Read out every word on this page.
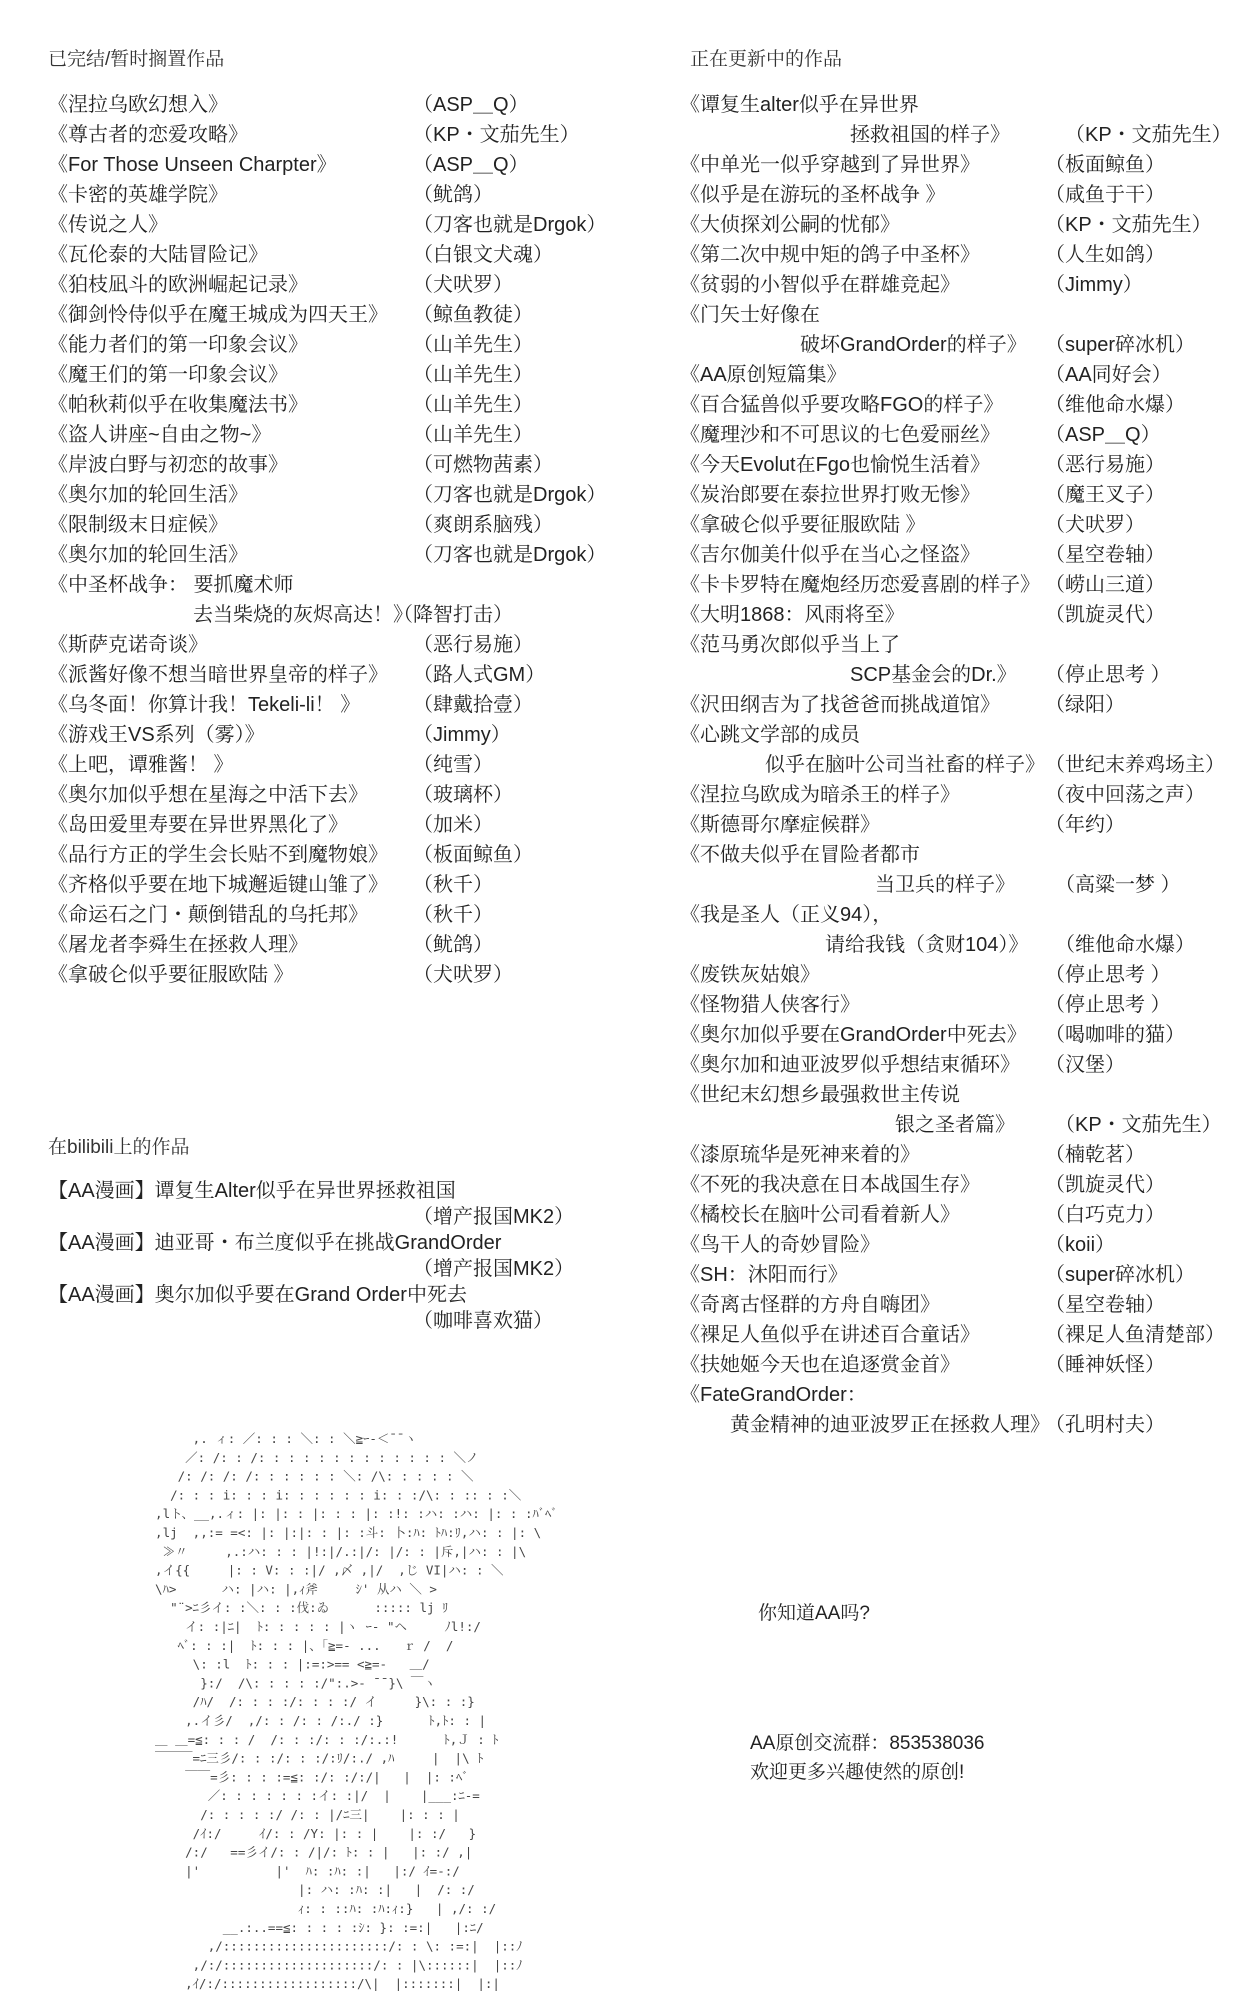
已完结/暂时搁置作品	正在更新中的作品
《涅拉乌欧幻想入》	（ASP＿Q）
《尊古者的恋爱攻略》	（KP・文茄先生）
《For Those Unseen Charpter》	（ASP＿Q）
《卡密的英雄学院》	（鱿鸽）
《传说之人》	（刀客也就是Drgok）
《瓦伦泰的大陆冒险记》	（白银文犬魂）
《狛枝凪斗的欧洲崛起记录》	（犬吠罗）
《御剑怜侍似乎在魔王城成为四天王》 （鲸鱼教徒）
《能力者们的第一印象会议》	（山羊先生）
《魔王们的第一印象会议》	（山羊先生）
《帕秋莉似乎在收集魔法书》	（山羊先生）
《盗人讲座~自由之物~》	（山羊先生）
《岸波白野与初恋的故事》	（可燃物茜素）
《奥尔加的轮回生活》	（刀客也就是Drgok）
《限制级末日症候》	（爽朗系脑残）
《奥尔加的轮回生活》	（刀客也就是Drgok）
《中圣杯战争： 要抓魔术师
去当柴烧的灰烬高达！》
（降智打击）
《斯萨克诺奇谈》	（恶行易施）
《派酱好像不想当暗世界皇帝的样子》 （路人式GM）
《乌冬面！你算计我！Tekeli-li！ 》	（肆戴拾壹）
《游戏王VS系列（雾）》	（Jimmy）
《上吧，谭雅酱！ 》	（纯雪）
《奥尔加似乎想在星海之中活下去》 （玻璃杯）
《岛田爱里寿要在异世界黑化了》	（加米）
《品行方正的学生会长贴不到魔物娘》 （板面鲸鱼）
《齐格似乎要在地下城邂逅键山雏了》 （秋千）
《命运石之门・颠倒错乱的乌托邦》 （秋千）
《屠龙者李舜生在拯救人理》	（鱿鸽）
《拿破仑似乎要征服欧陆 》	（犬吠罗）
《谭复生alter似乎在异世界
拯救祖国的样子》	（KP・文茄先生）
《中单光一似乎穿越到了异世界》	（板面鲸鱼）
《似乎是在游玩的圣杯战争 》	（咸鱼于干）
《大侦探刘公嗣的忧郁》	（KP・文茄先生）
《第二次中规中矩的鸽子中圣杯》	（人生如鸽）
《贫弱的小智似乎在群雄竞起》	（Jimmy）
《门矢士好像在
破坏GrandOrder的样子》 （super碎冰机）
《AA原创短篇集》	（AA同好会）
《百合猛兽似乎要攻略FGO的样子》 （维他命水爆）
《魔理沙和不可思议的七色爱丽丝》 （ASP＿Q）
《今天Evolut在Fgo也愉悦生活着》	（恶行易施）
《炭治郎要在泰拉世界打败无惨》	（魔王叉子）
《拿破仑似乎要征服欧陆 》	（犬吠罗）
《吉尔伽美什似乎在当心之怪盗》	（星空卷轴）
《卡卡罗特在魔炮经历恋爱喜剧的样子》 （崂山三道）
《大明1868：风雨将至》	（凯旋灵代）
《范马勇次郎似乎当上了
SCP基金会的Dr.》 （停止思考 ）
《沢田纲吉为了找爸爸而挑战道馆》 （绿阳）
《心跳文学部的成员
似乎在脑叶公司当社畜的样子》 （世纪末养鸡场主）
《涅拉乌欧成为暗杀王的样子》	（夜中回荡之声）
《斯德哥尔摩症候群》	（年约）
《不做夫似乎在冒险者都市
当卫兵的样子》 （高粱一梦 ）
《我是圣人（正义94），
请给我钱（贪财104）》 （维他命水爆）
《废铁灰姑娘》	（停止思考 ）
《怪物猎人侠客行》	（停止思考 ）
《奥尔加似乎要在GrandOrder中死去》 （喝咖啡的猫）
《奥尔加和迪亚波罗似乎想结束循环》 （汉堡）
《世纪末幻想乡最强救世主传说
银之圣者篇》 （KP・文茄先生）
《漆原琉华是死神来着的》	（楠乾茗）
《不死的我决意在日本战国生存》	（凯旋灵代）
《橘校长在脑叶公司看着新人》	（白巧克力）
《鸟干人的奇妙冒险》	（koii）
《SH：沐阳而行》	（super碎冰机）
《奇离古怪群的方舟自嗨团》	（星空卷轴）
《裸足人鱼似乎在讲述百合童话》	（裸足人鱼清楚部）
《扶她姬今天也在追逐赏金首》	（睡神妖怪）
《FateGrandOrder：
黄金精神的迪亚波罗正在拯救人理》
（孔明村夫）
在bilibili上的作品
【AA漫画】谭复生Alter似乎在异世界拯救祖国
（增产报国MK2）
【AA漫画】迪亚哥・布兰度似乎在挑战GrandOrder
（增产报国MK2）
【AA漫画】奥尔加似乎要在Grand Order中死去
（咖啡喜欢猫）
你知道AA吗?
AA原创交流群：853538036
欢迎更多兴趣使然的原创!
,. ィ: ／: : : ＼: : ＼≧ｰ-＜¯¯ヽ
／: /: : /: : : : : : : : : : : : : ＼ノ
/: /: /: /: : : : : : ＼: /\: : : : : ＼
/: : : i: : : i: : : : : : i: : :/\: : :: : :＼
,lト、__,.ィ: |: |: : |: : : |: :!: :ハ: :ハ: |: : :ﾊﾞﾍﾞ
,lj  ,,:= =<: |: |:|: : |: :斗: 卜:ﾊ: ﾄﾊ:ﾘ,ハ: : |: \
≫〃     ,.:ハ: : : |!:|/.:|/: |/: : |斥,|ハ: : |\
,イ{{     |: : V: : :|/ ,〆 ,|/  ,じ VI|ハ: : ＼
\ﾊ>      ハ: |ハ: |,ｨ斧     ｼ' 从ハ ＼ >
"¨>ﾆ彡イ: :＼: : :伐:ゐ      ::::: lj ﾘ
イ: :|ﾆ|  ﾄ: : : : : |ヽ ｰ‐ "ヘ     ﾉl!:/
ﾍﾞ: : :|  ﾄ: : : |、「≧=- ...   ｒ /  /
\: :l  ﾄ: : : |:=:>== <≧=-   ＿/
}:/  /\: : : : :/":.>‐ ¯¯}\ ￣ヽ
/ﾊ/  /: : : :/: : : :/ イ     }\: : :}
,.イ彡/  ,/: : /: : /:./ :}      ﾄ,ﾄ: : |
＿ ＿=≦: : : /  /: : :/: : :/:.:!      ﾄ,Ｊ : ﾄ
￣￣￣=ﾆ三彡/: : :/: : :/:ﾘ/:./ ,ﾊ     |  |\ ﾄ
￣￣=彡: : : :=≦: :/: :/:/|   |  |: :ﾍﾞ
／: : : : : : :イ: :|/  |    |___:ﾆ-=
/: : : : :/ /: : |/ﾆ三|    |: : : |
/ｲ:/     ｲ/: : /Y: |: : |    |: :/   }
/:/   ==彡イ/: : /|/: ﾄ: : |   |: :/ ,|
|'          |'  ﾊ: :ﾊ: :|   |:/ ｲ=-:/
|: ハ: :ﾊ: :|   |  /: :/
ｨ: : ::ﾊ: :ﾊ:ｨ:}   | ,/: :/
__.:..==≦: : : : :ｼ: }: :=:|   |:ﾆ/
,/::::::::::::::::::::::/: : \: :=:|  |::ﾉ
,/:/::::::::::::::::::::/: : |\::::::|  |::ﾉ
,ｲ/:/::::::::::::::::::/\|  |:::::::|  |:|
